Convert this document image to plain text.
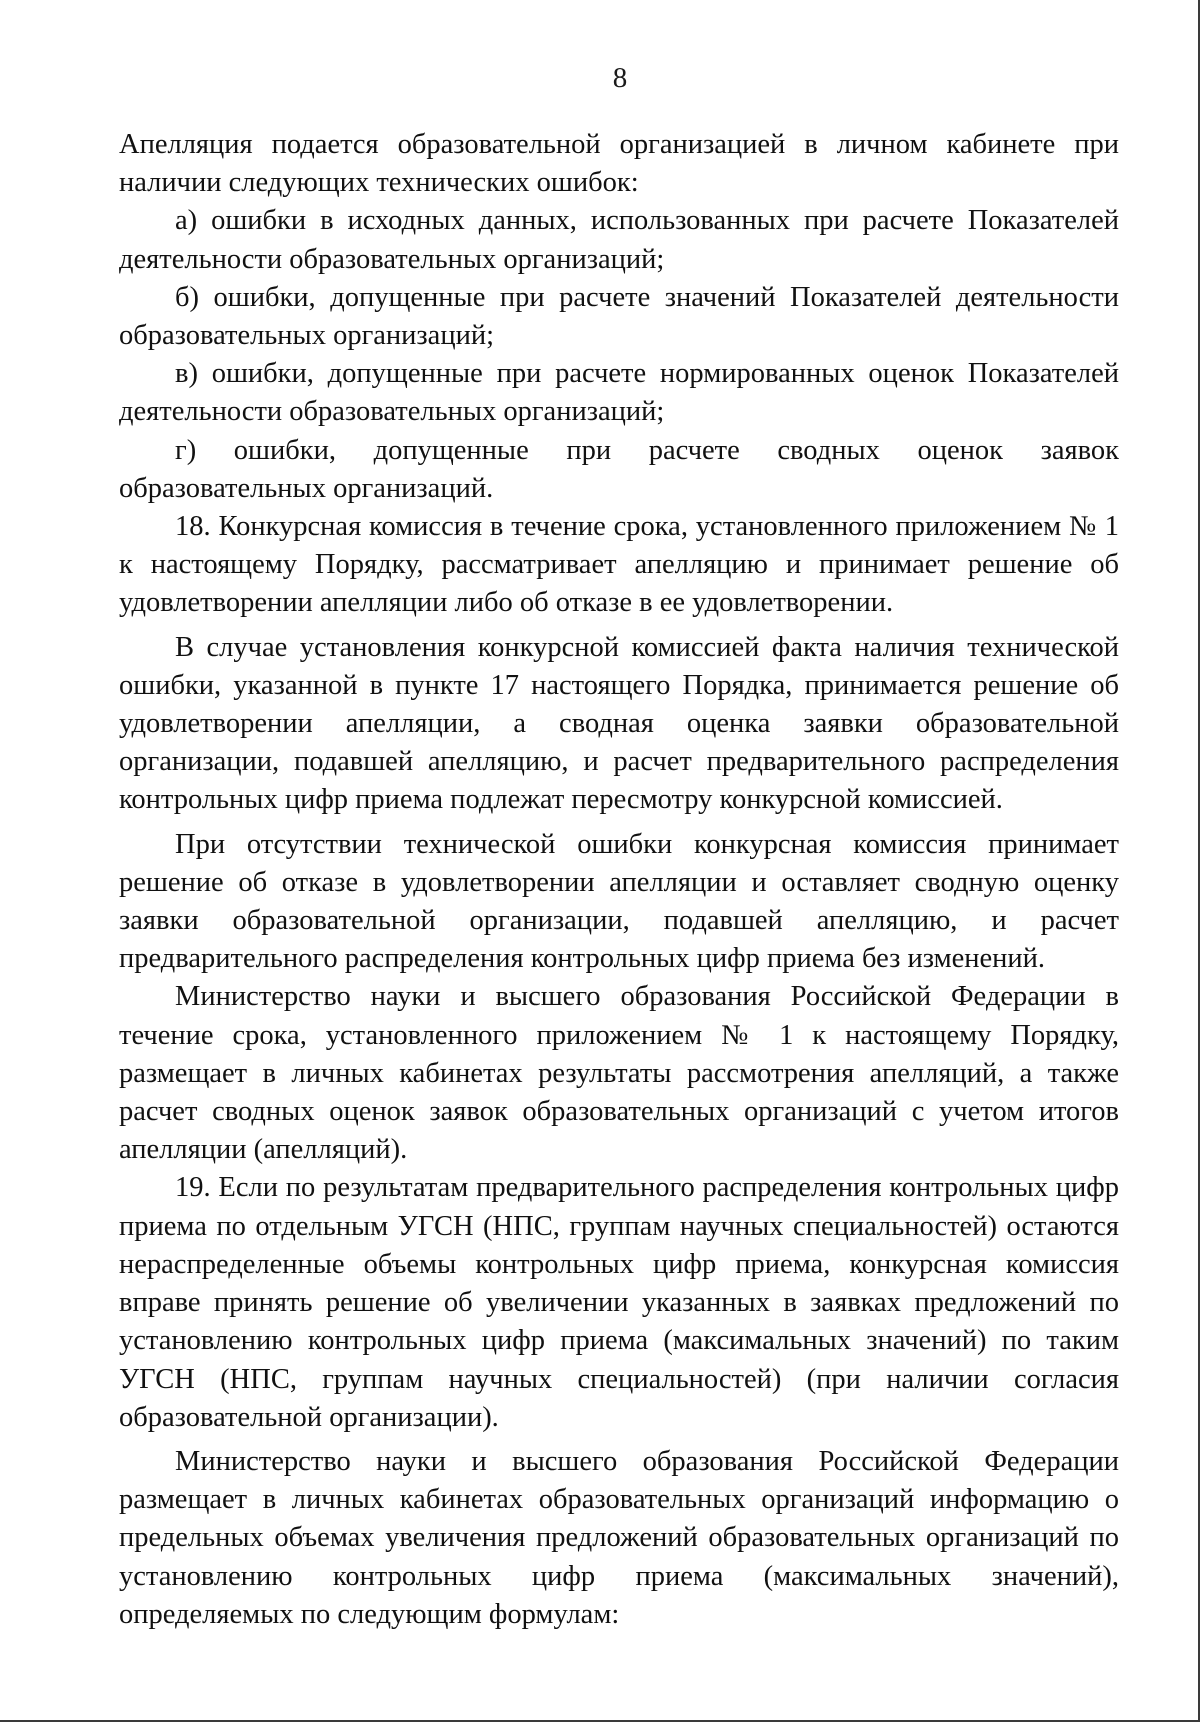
8

Апелляция подается образовательной организацией в личном кабинете при наличии следующих технических ошибок:

а) ошибки в исходных данных, использованных при расчете Показателей деятельности образовательных организаций;

б) ошибки, допущенные при расчете значений Показателей деятельности образовательных организаций;

в) ошибки, допущенные при расчете нормированных оценок Показателей деятельности образовательных организаций;

г) ошибки, допущенные при расчете сводных оценок заявок образовательных организаций.

18. Конкурсная комиссия в течение срока, установленного приложением № 1 к настоящему Порядку, рассматривает апелляцию и принимает решение об удовлетворении апелляции либо об отказе в ее удовлетворении.

В случае установления конкурсной комиссией факта наличия технической ошибки, указанной в пункте 17 настоящего Порядка, принимается решение об удовлетворении апелляции, а сводная оценка заявки образовательной организации, подавшей апелляцию, и расчет предварительного распределения контрольных цифр приема подлежат пересмотру конкурсной комиссией.

При отсутствии технической ошибки конкурсная комиссия принимает решение об отказе в удовлетворении апелляции и оставляет сводную оценку заявки образовательной организации, подавшей апелляцию, и расчет предварительного распределения контрольных цифр приема без изменений.

Министерство науки и высшего образования Российской Федерации в течение срока, установленного приложением № 1 к настоящему Порядку, размещает в личных кабинетах результаты рассмотрения апелляций, а также расчет сводных оценок заявок образовательных организаций с учетом итогов апелляции (апелляций).

19. Если по результатам предварительного распределения контрольных цифр приема по отдельным УГСН (НПС, группам научных специальностей) остаются нераспределенные объемы контрольных цифр приема, конкурсная комиссия вправе принять решение об увеличении указанных в заявках предложений по установлению контрольных цифр приема (максимальных значений) по таким УГСН (НПС, группам научных специальностей) (при наличии согласия образовательной организации).

Министерство науки и высшего образования Российской Федерации размещает в личных кабинетах образовательных организаций информацию о предельных объемах увеличения предложений образовательных организаций по установлению контрольных цифр приема (максимальных значений), определяемых по следующим формулам:
